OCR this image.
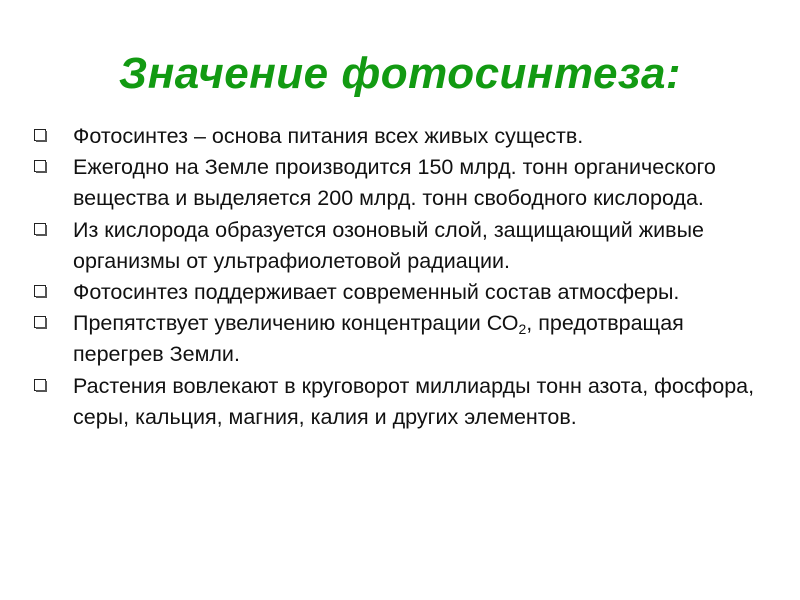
Значение фотосинтеза:
Фотосинтез – основа питания всех живых существ.
Ежегодно на Земле производится 150 млрд. тонн органического вещества и выделяется 200 млрд. тонн свободного кислорода.
Из кислорода образуется озоновый слой, защищающий живые организмы от ультрафиолетовой радиации.
Фотосинтез поддерживает современный состав атмосферы.
Препятствует увеличению концентрации $СО_2$, предотвращая перегрев Земли.
Растения вовлекают в круговорот миллиарды тонн азота, фосфора, серы, кальция, магния, калия и других элементов.
